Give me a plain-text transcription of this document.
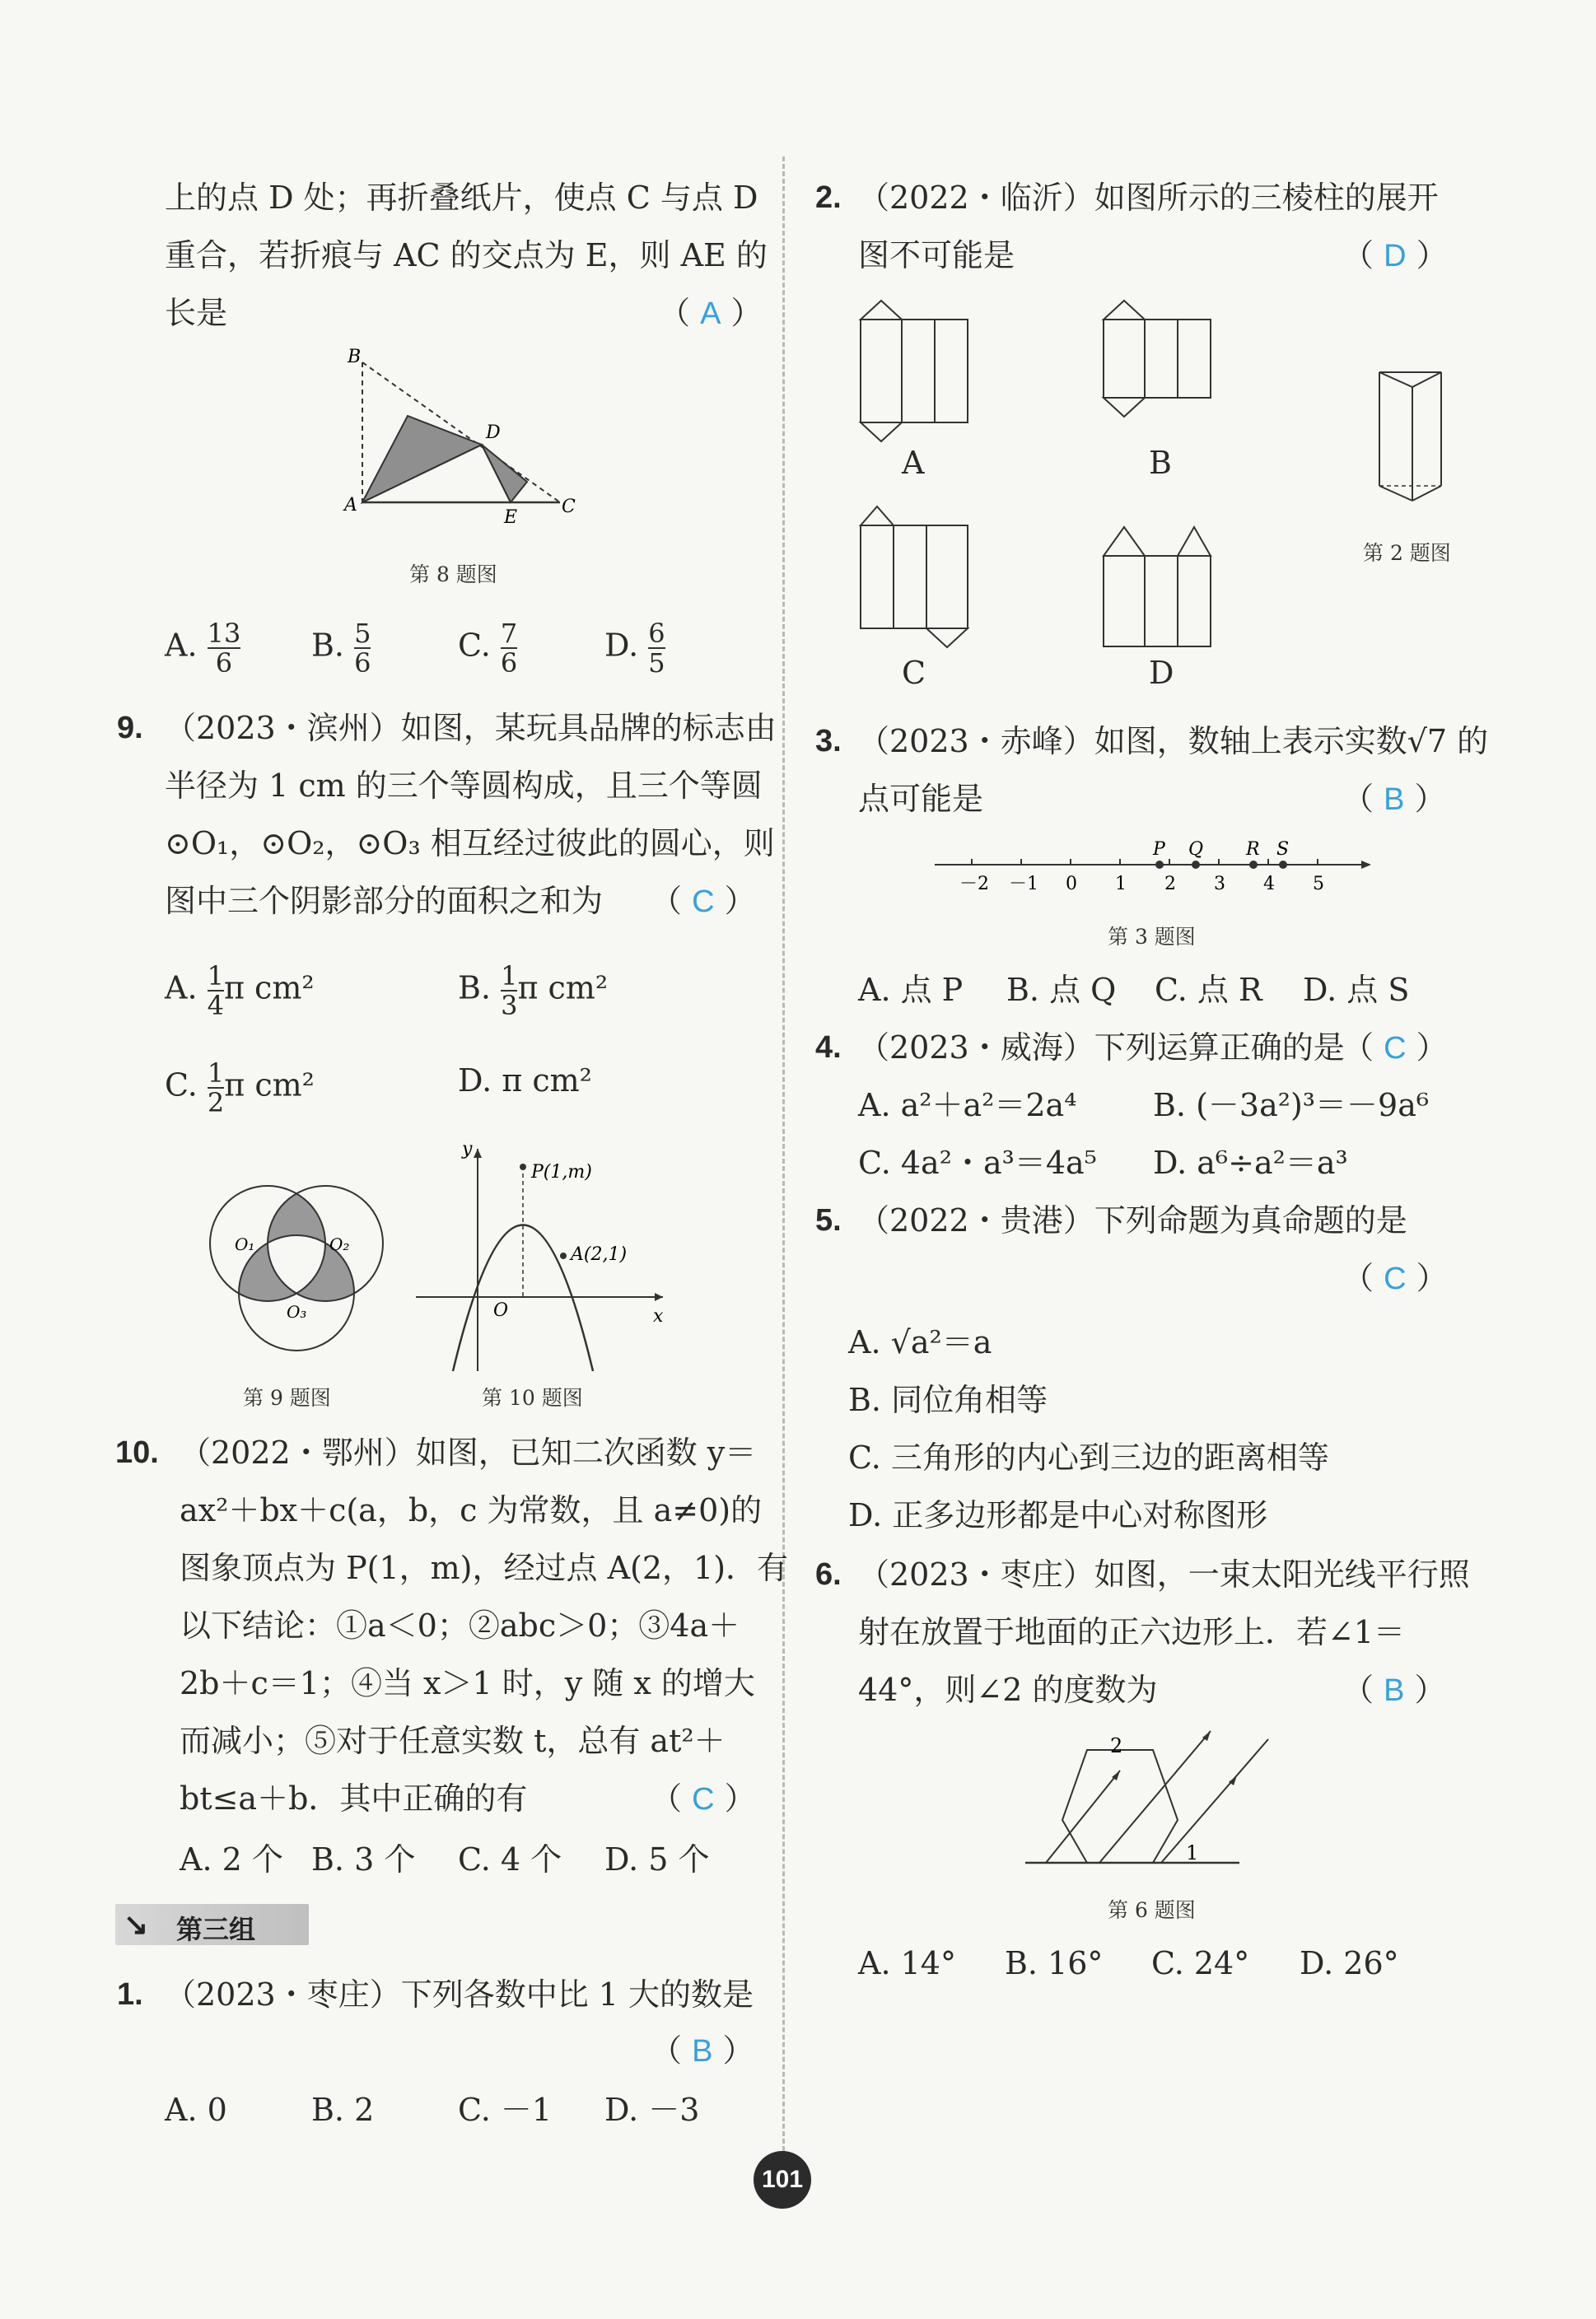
上的点 D 处；再折叠纸片，使点 C 与点 D
重合，若折痕与 AC 的交点为 E，则 AE 的
长是	（ A ）
B
D
A
E
C
第 8 题图
A. $\frac{13}{6} B$. $\frac{5}{6}$	C. $\frac{7}{6}$	D. $\frac{6}{5}$
9. （2023・滨州）如图，某玩具品牌的标志由
半径为 1 cm 的三个等圆构成，且三个等圆
⊙O₁，⊙O₂，⊙O₃ 相互经过彼此的圆心，则
图中三个阴影部分的面积之和为 （ C ）
A. $\frac{1}{4}$ π cm²	B. $\frac{1}{3}$ π cm²
C. $\frac{1}{2}$ π cm²	D. π cm²
O₁	O₂
O₃
第 9 题图
y
x
O
P(1,m)
A(2,1)
第 10 题图
10. （2022・鄂州）如图，已知二次函数 y＝
ax²＋bx＋c(a，b，c 为常数，且 a≠0)的
图象顶点为 P(1，m)，经过点 A(2，1)．有
以下结论：①a＜0；②abc＞0；③4a＋
2b＋c＝1；④当 x＞1 时，y 随 x 的增大
而减小；⑤对于任意实数 t，总有 at²＋
bt≤a＋b．其中正确的有	（ C ）
A. 2 个 B. 3 个 C. 4 个 D. 5 个
↘ 第三组
1. （2023・枣庄）下列各数中比 1 大的数是
（ B ）
A. 0	B. 2	C. －1 D. －3
2. （2022・临沂）如图所示的三棱柱的展开
图不可能是	（ D ）
A	B
第 2 题图
C	D
3. （2023・赤峰）如图，数轴上表示实数√7 的
点可能是	（ B ）
P Q R S
－2 －1 0 1 2 3 4 5
第 3 题图
A. 点 P B. 点 Q C. 点 R D. 点 S
4. （2023・威海）下列运算正确的是
（ C ）
A. a²＋a²＝2a⁴ B. (－3a²)³＝－9a⁶
C. 4a²・a³＝4a⁵ D. a⁶÷a²＝a³
5. （2022・贵港）下列命题为真命题的是
（ C ）
A. √a²＝a
B. 同位角相等
C. 三角形的内心到三边的距离相等
D. 正多边形都是中心对称图形
6. （2023・枣庄）如图，一束太阳光线平行照
射在放置于地面的正六边形上．若∠1＝
44°，则∠2 的度数为	（ B ）
2
1
第 6 题图
A. 14° B. 16° C. 24° D. 26°
101
